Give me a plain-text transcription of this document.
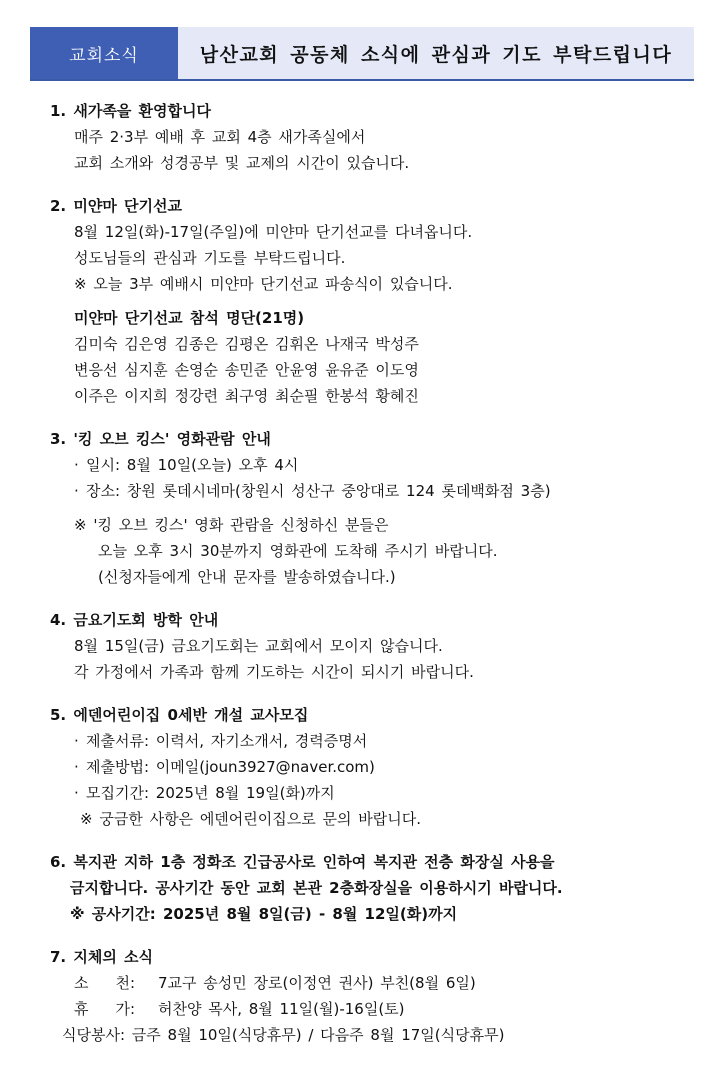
교회소식	남산교회 공동체 소식에 관심과 기도 부탁드립니다
1. 새가족을 환영합니다
매주 2·3부 예배 후 교회 4층 새가족실에서
교회 소개와 성경공부 및 교제의 시간이 있습니다.
2. 미얀마 단기선교
8월 12일(화)-17일(주일)에 미얀마 단기선교를 다녀옵니다.
성도님들의 관심과 기도를 부탁드립니다.
※ 오늘 3부 예배시 미얀마 단기선교 파송식이 있습니다.
미얀마 단기선교 참석 명단(21명)
김미숙 김은영 김종은 김평온 김휘온 나재국 박성주
변응선 심지훈 손영순 송민준 안윤영 윤유준 이도영
이주은 이지희 정강련 최구영 최순필 한봉석 황혜진
3. '킹 오브 킹스' 영화관람 안내
· 일시: 8월 10일(오늘) 오후 4시
· 장소: 창원 롯데시네마(창원시 성산구 중앙대로 124 롯데백화점 3층)
※ '킹 오브 킹스' 영화 관람을 신청하신 분들은
오늘 오후 3시 30분까지 영화관에 도착해 주시기 바랍니다.
(신청자들에게 안내 문자를 발송하였습니다.)
4. 금요기도회 방학 안내
8월 15일(금) 금요기도회는 교회에서 모이지 않습니다.
각 가정에서 가족과 함께 기도하는 시간이 되시기 바랍니다.
5. 에덴어린이집 0세반 개설 교사모집
· 제출서류: 이력서, 자기소개서, 경력증명서
· 제출방법: 이메일(joun3927@naver.com)
· 모집기간: 2025년 8월 19일(화)까지
※ 궁금한 사항은 에덴어린이집으로 문의 바랍니다.
6. 복지관 지하 1층 정화조 긴급공사로 인하여 복지관 전층 화장실 사용을
금지합니다. 공사기간 동안 교회 본관 2층화장실을 이용하시기 바랍니다.
※ 공사기간: 2025년 8월 8일(금) - 8월 12일(화)까지
7. 지체의 소식
소    천: 7교구 송성민 장로(이정연 권사) 부친(8월 6일)
휴    가: 허찬양 목사, 8월 11일(월)-16일(토)
식당봉사: 금주 8월 10일(식당휴무) / 다음주 8월 17일(식당휴무)
